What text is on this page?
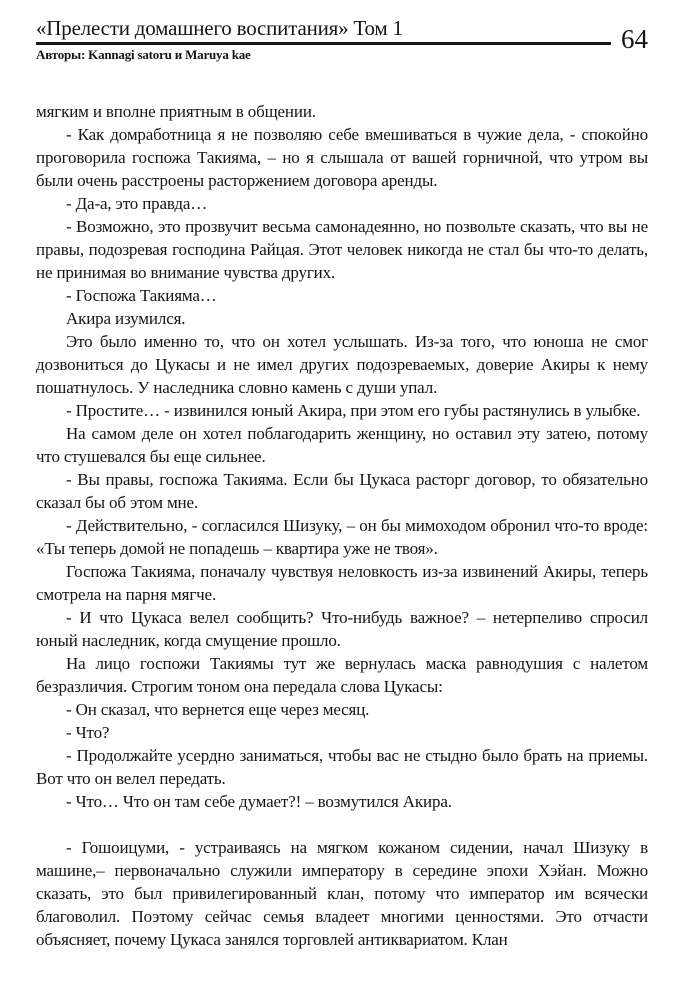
«Прелести домашнего воспитания» Том 1	64
Авторы: Kannagi satoru и Maruya kae

мягким и вполне приятным в общении.

- Как домработница я не позволяю себе вмешиваться в чужие дела, - спокойно проговорила госпожа Такияма, – но я слышала от вашей горничной, что утром вы были очень расстроены расторжением договора аренды.

- Да-а, это правда…

- Возможно, это прозвучит весьма самонадеянно, но позвольте сказать, что вы не правы, подозревая господина Райцая. Этот человек никогда не стал бы что-то делать, не принимая во внимание чувства других.

- Госпожа Такияма…

Акира изумился.

Это было именно то, что он хотел услышать. Из-за того, что юноша не смог дозвониться до Цукасы и не имел других подозреваемых, доверие Акиры к нему пошатнулось. У наследника словно камень с души упал.

- Простите… - извинился юный Акира, при этом его губы растянулись в улыбке.

На самом деле он хотел поблагодарить женщину, но оставил эту затею, потому что стушевался бы еще сильнее.

- Вы правы, госпожа Такияма. Если бы Цукаса расторг договор, то обязательно сказал бы об этом мне.

- Действительно, - согласился Шизуку, – он бы мимоходом обронил что-то вроде: «Ты теперь домой не попадешь – квартира уже не твоя».

Госпожа Такияма, поначалу чувствуя неловкость из-за извинений Акиры, теперь смотрела на парня мягче.

- И что Цукаса велел сообщить? Что-нибудь важное? – нетерпеливо спросил юный наследник, когда смущение прошло.

На лицо госпожи Такиямы тут же вернулась маска равнодушия с налетом безразличия. Строгим тоном она передала слова Цукасы:

- Он сказал, что вернется еще через месяц.

- Что?

- Продолжайте усердно заниматься, чтобы вас не стыдно было брать на приемы. Вот что он велел передать.

- Что… Что он там себе думает?! – возмутился Акира.

- Гошоицуми, - устраиваясь на мягком кожаном сидении, начал Шизуку в машине,– первоначально служили императору в середине эпохи Хэйан. Можно сказать, это был привилегированный клан, потому что император им всячески благоволил. Поэтому сейчас семья владеет многими ценностями. Это отчасти объясняет, почему Цукаса занялся торговлей антиквариатом. Клан
